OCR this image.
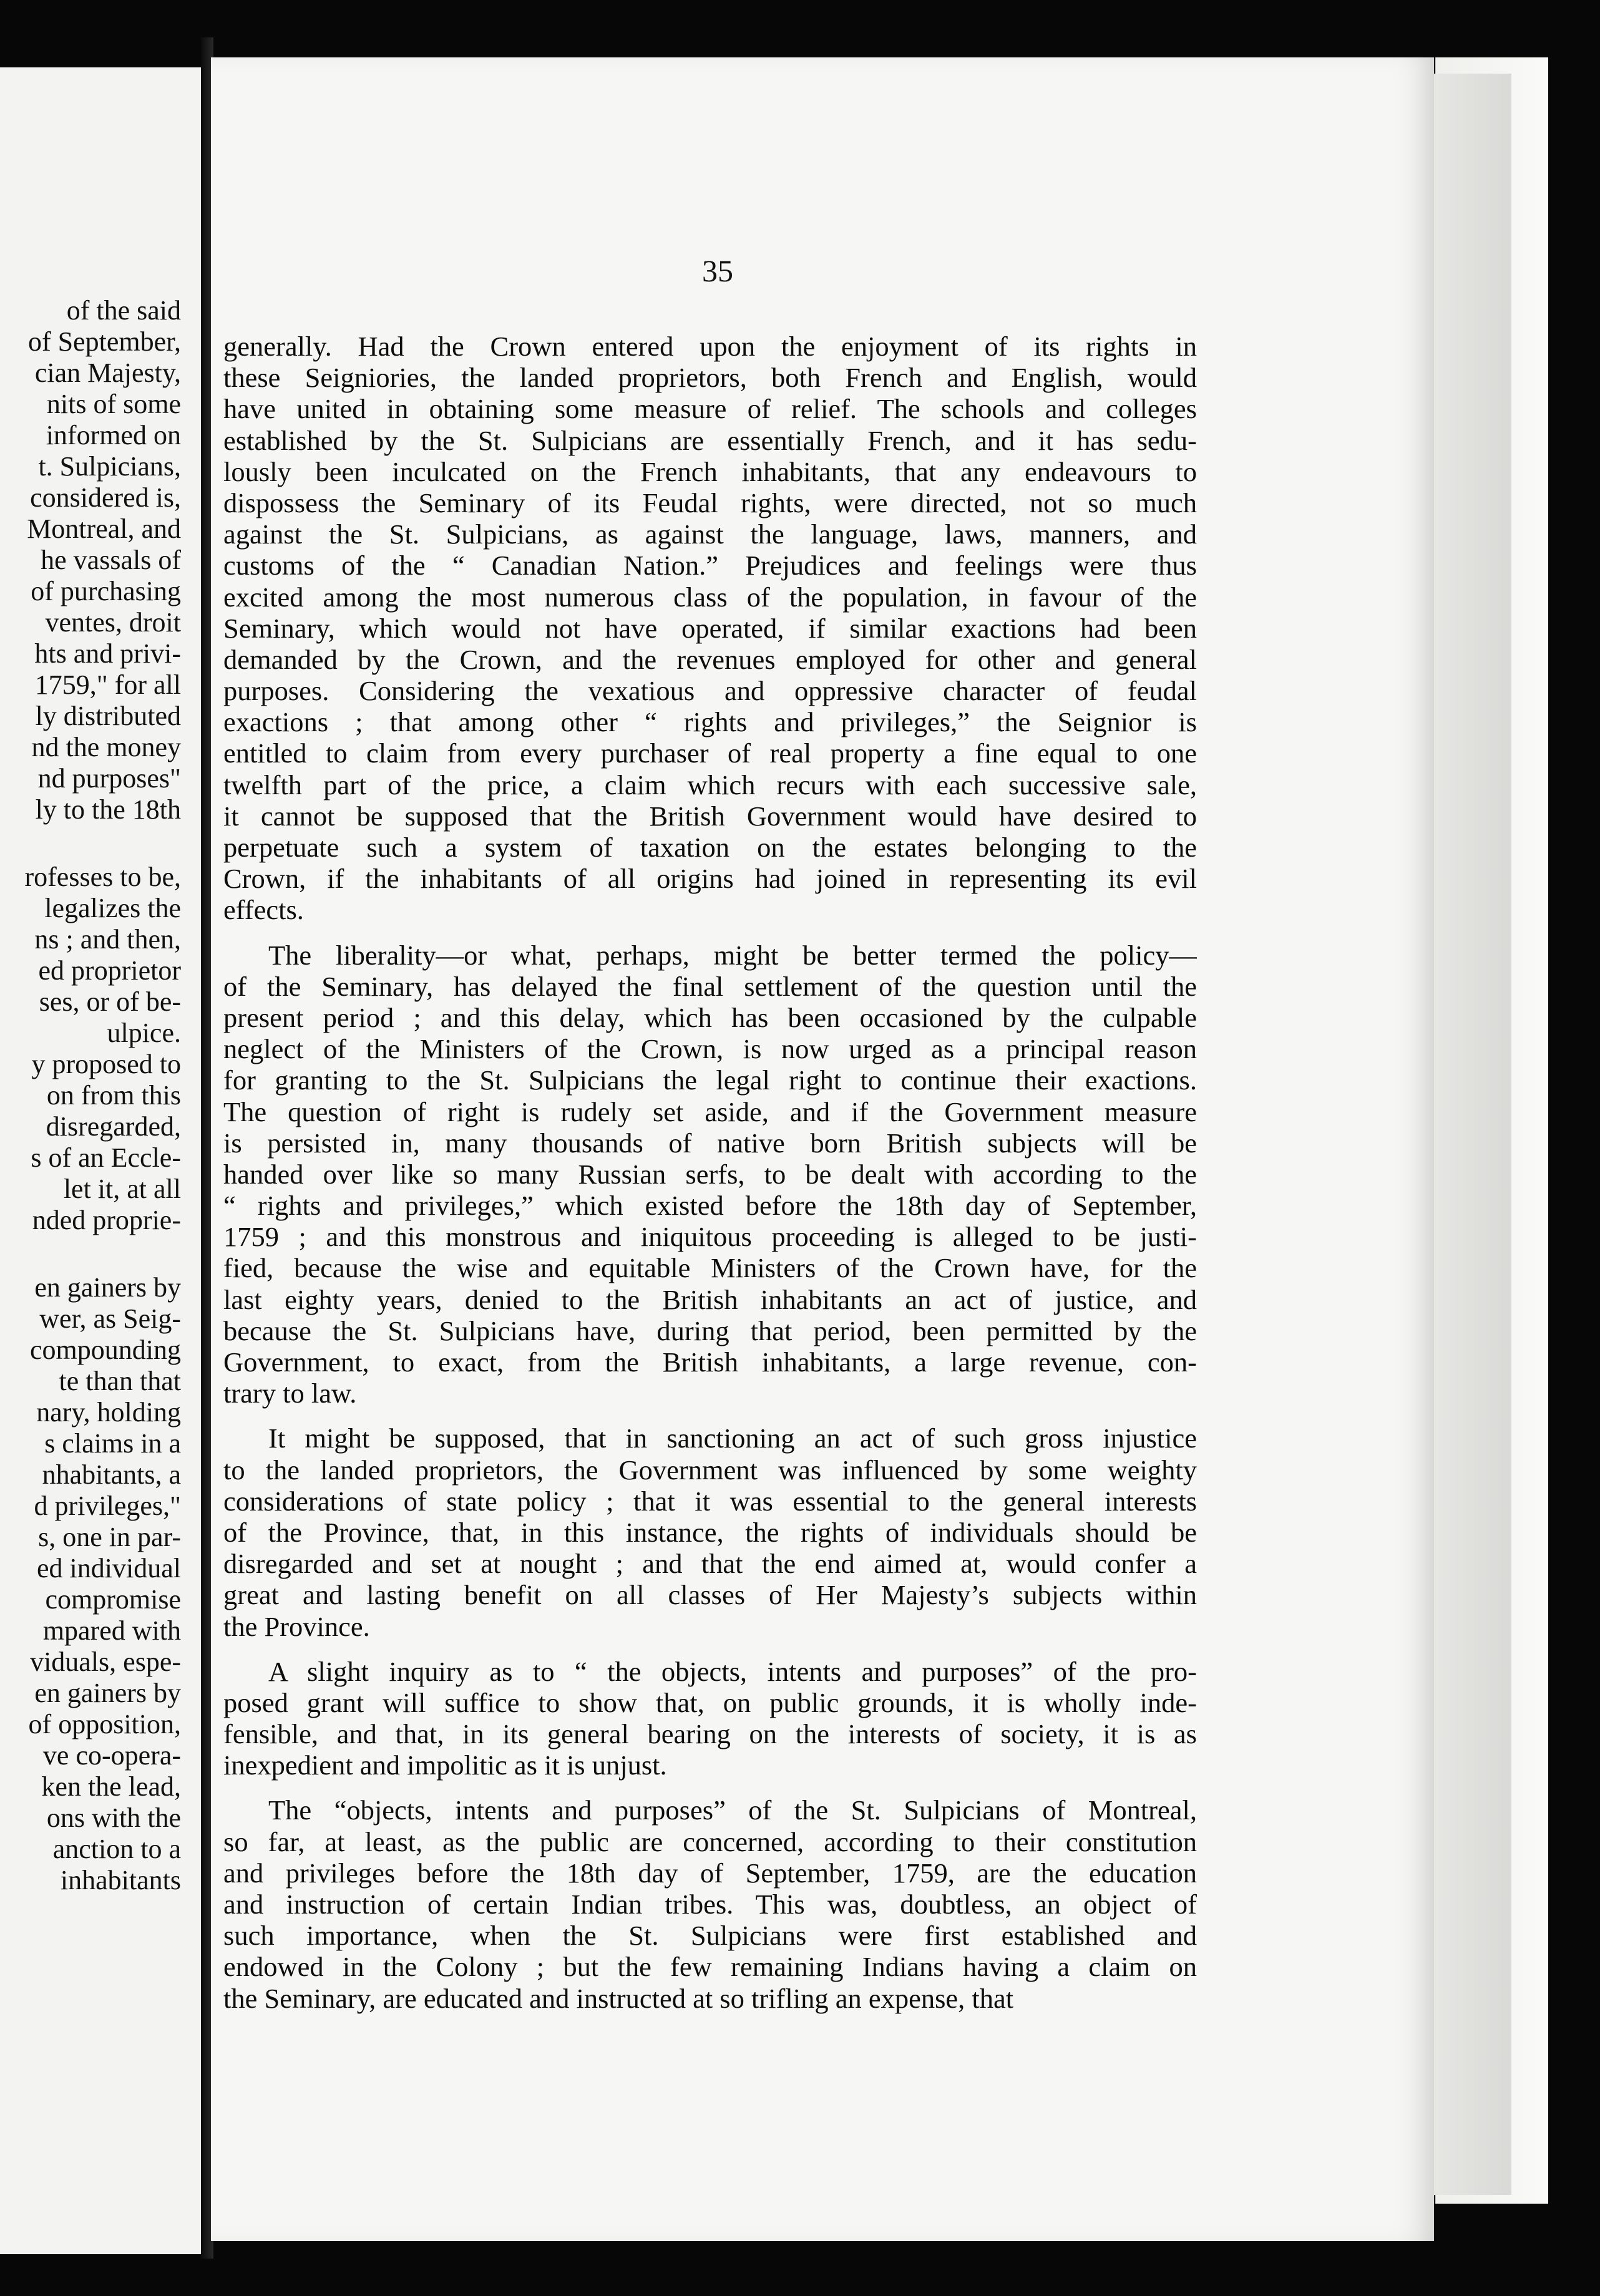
of the said
of September,
cian Majesty,
nits of some
informed on
t. Sulpicians,
considered is,
Montreal, and
he vassals of
of purchasing
ventes, droit
hts and privi-
1759," for all
ly distributed
nd the money
nd purposes"
ly to the 18th
rofesses to be,
legalizes the
ns ; and then,
ed proprietor
ses, or of be-
ulpice.
y proposed to
on from this
disregarded,
s of an Eccle-
let it, at all
nded proprie-
en gainers by
wer, as Seig-
compounding
te than that
nary, holding
s claims in a
nhabitants, a
d privileges,"
s, one in par-
ed individual
compromise
mpared with
viduals, espe-
en gainers by
of opposition,
ve co-opera-
ken the lead,
ons with the
anction to a
inhabitants
35
generally. Had the Crown entered upon the enjoyment of its rights in
these Seigniories, the landed proprietors, both French and English, would
have united in obtaining some measure of relief. The schools and colleges
established by the St. Sulpicians are essentially French, and it has sedu-
lously been inculcated on the French inhabitants, that any endeavours to
dispossess the Seminary of its Feudal rights, were directed, not so much
against the St. Sulpicians, as against the language, laws, manners, and
customs of the “ Canadian Nation.” Prejudices and feelings were thus
excited among the most numerous class of the population, in favour of the
Seminary, which would not have operated, if similar exactions had been
demanded by the Crown, and the revenues employed for other and general
purposes. Considering the vexatious and oppressive character of feudal
exactions ; that among other “ rights and privileges,” the Seignior is
entitled to claim from every purchaser of real property a fine equal to one
twelfth part of the price, a claim which recurs with each successive sale,
it cannot be supposed that the British Government would have desired to
perpetuate such a system of taxation on the estates belonging to the
Crown, if the inhabitants of all origins had joined in representing its evil
effects.
The liberality—or what, perhaps, might be better termed the policy—
of the Seminary, has delayed the final settlement of the question until the
present period ; and this delay, which has been occasioned by the culpable
neglect of the Ministers of the Crown, is now urged as a principal reason
for granting to the St. Sulpicians the legal right to continue their exactions.
The question of right is rudely set aside, and if the Government measure
is persisted in, many thousands of native born British subjects will be
handed over like so many Russian serfs, to be dealt with according to the
“ rights and privileges,” which existed before the 18th day of September,
1759 ; and this monstrous and iniquitous proceeding is alleged to be justi-
fied, because the wise and equitable Ministers of the Crown have, for the
last eighty years, denied to the British inhabitants an act of justice, and
because the St. Sulpicians have, during that period, been permitted by the
Government, to exact, from the British inhabitants, a large revenue, con-
trary to law.
It might be supposed, that in sanctioning an act of such gross injustice
to the landed proprietors, the Government was influenced by some weighty
considerations of state policy ; that it was essential to the general interests
of the Province, that, in this instance, the rights of individuals should be
disregarded and set at nought ; and that the end aimed at, would confer a
great and lasting benefit on all classes of Her Majesty’s subjects within
the Province.
A slight inquiry as to “ the objects, intents and purposes” of the pro-
posed grant will suffice to show that, on public grounds, it is wholly inde-
fensible, and that, in its general bearing on the interests of society, it is as
inexpedient and impolitic as it is unjust.
The “objects, intents and purposes” of the St. Sulpicians of Montreal,
so far, at least, as the public are concerned, according to their constitution
and privileges before the 18th day of September, 1759, are the education
and instruction of certain Indian tribes. This was, doubtless, an object of
such importance, when the St. Sulpicians were first established and
endowed in the Colony ; but the few remaining Indians having a claim on
the Seminary, are educated and instructed at so trifling an expense, that
